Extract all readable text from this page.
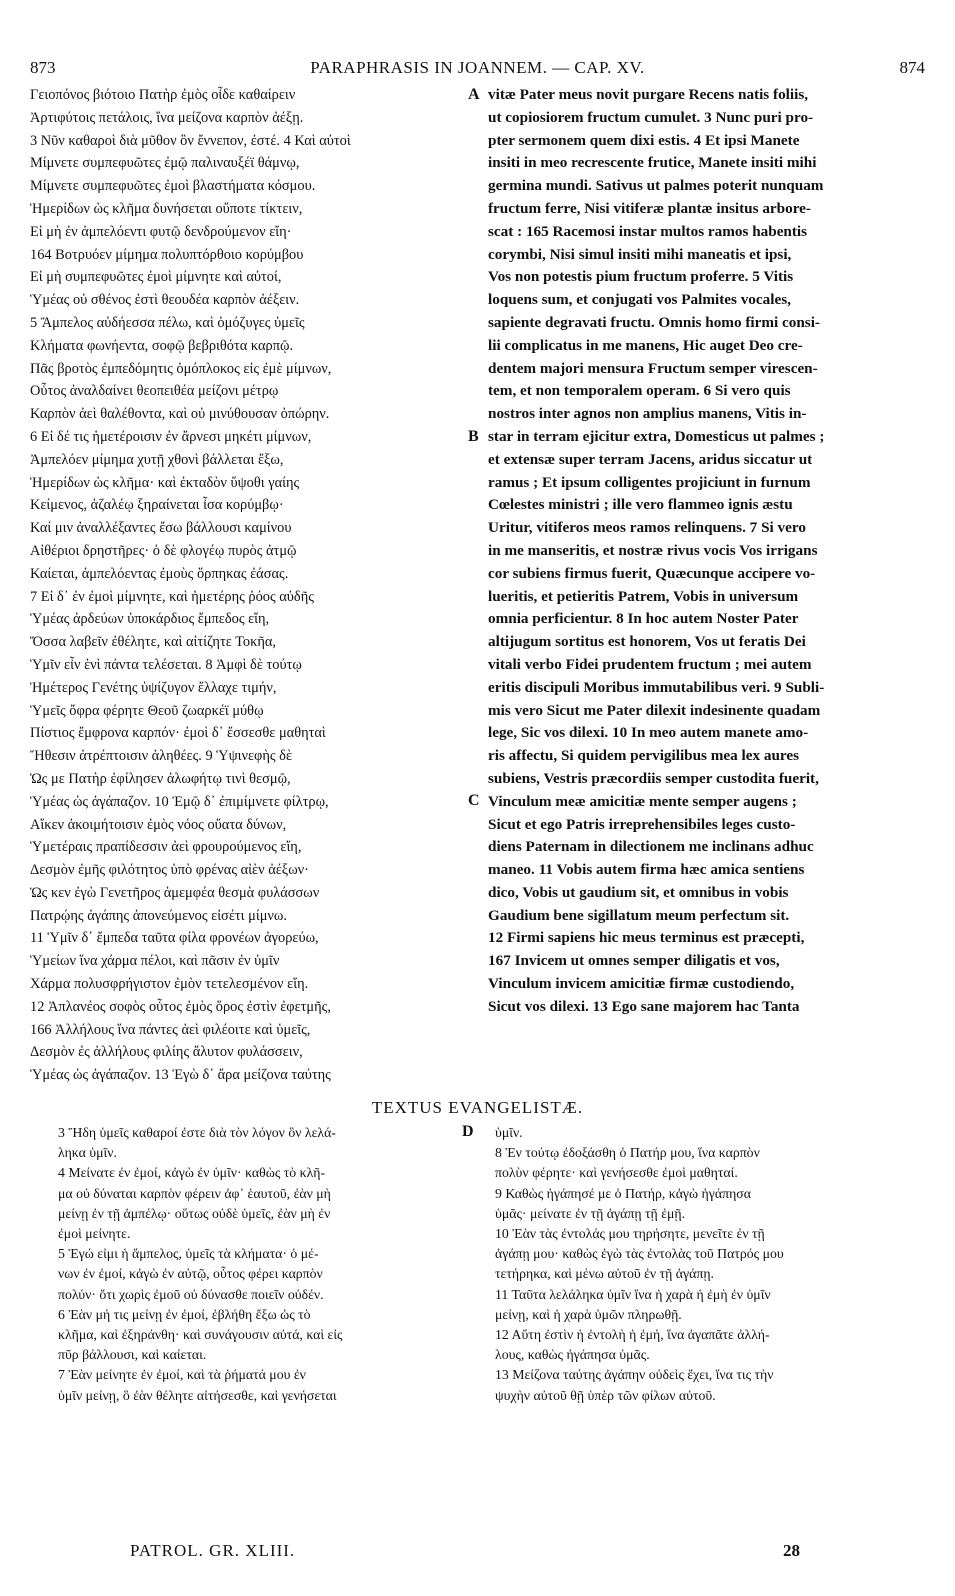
873	PARAPHRASIS IN JOANNEM. — CAP. XV.	874

Γειοπόνος βιότοιο Πατὴρ ἐμὸς οἶδε καθαίρειν

Ἀρτιφύτοις πετάλοις, ἵνα μείζονα καρπὸν ἀέξῃ.

3 Νῦν καθαροὶ διὰ μῦθον ὃν ἔννεπον, ἐστέ. 4 Καὶ αὐτοὶ

Μίμνετε συμπεφυῶτες ἐμῷ παλιναυξέϊ θάμνῳ,

Μίμνετε συμπεφυῶτες ἐμοὶ βλαστήματα κόσμου.

Ἡμερίδων ὡς κλῆμα δυνήσεται οὔποτε τίκτειν,

Εἰ μὴ ἐν ἀμπελόεντι φυτῷ δενδρούμενον εἴη·

164 Βοτρυόεν μίμημα πολυπτόρθοιο κορύμβου

Εἰ μὴ συμπεφυῶτες ἐμοὶ μίμνητε καὶ αὐτοί,

Ὑμέας οὐ σθένος ἐστὶ θεουδέα καρπὸν ἀέξειν.

5 Ἄμπελος αὐδήεσσα πέλω, καὶ ὁμόζυγες ὑμεῖς

Κλήματα φωνήεντα, σοφῷ βεβριθότα καρπῷ.

Πᾶς βροτὸς ἐμπεδόμητις ὁμόπλοκος εἰς ἐμὲ μίμνων,

Οὗτος ἀναλδαίνει θεοπειθέα μείζονι μέτρῳ

Καρπὸν ἀεὶ θαλέθοντα, καὶ οὐ μινύθουσαν ὀπώρην.

6 Εἰ δέ τις ἡμετέροισιν ἐν ἄρνεσι μηκέτι μίμνων,

Ἀμπελόεν μίμημα χυτῇ χθονὶ βάλλεται ἔξω,

Ἡμερίδων ὡς κλῆμα· καὶ ἐκταδὸν ὕψοθι γαίης

Κείμενος, ἀζαλέῳ ξηραίνεται ἶσα κορύμβῳ·

Καί μιν ἀναλλέξαντες ἔσω βάλλουσι καμίνου

Αἰθέριοι δρηστῆρες· ὁ δὲ φλογέῳ πυρὸς ἀτμῷ

Καίεται, ἀμπελόεντας ἐμοὺς ὅρπηκας ἐάσας.

7 Εἰ δ᾽ ἐν ἐμοὶ μίμνητε, καὶ ἡμετέρης ῥόος αὐδῆς

Ὑμέας ἀρδεύων ὑποκάρδιος ἔμπεδος εἴη,

Ὅσσα λαβεῖν ἐθέλητε, καὶ αἰτίζητε Τοκῆα,

Ὑμῖν εἶν ἑνὶ πάντα τελέσεται. 8 Ἀμφὶ δὲ τούτῳ

Ἡμέτερος Γενέτης ὑψίζυγον ἔλλαχε τιμήν,

Ὑμεῖς ὄφρα φέρητε Θεοῦ ζωαρκέϊ μύθῳ

Πίστιος ἔμφρονα καρπόν· ἐμοὶ δ᾽ ἔσσεσθε μαθηταὶ

Ἤθεσιν ἀτρέπτοισιν ἀληθέες. 9 Ὑψινεφὴς δὲ

Ὡς με Πατὴρ ἐφίλησεν ἀλωφήτῳ τινὶ θεσμῷ,

Ὑμέας ὡς ἀγάπαζον. 10 Ἐμῷ δ᾽ ἐπιμίμνετε φίλτρῳ,

Αἴκεν ἀκοιμήτοισιν ἐμὸς νόος οὔατα δύνων,

Ὑμετέραις πραπίδεσσιν ἀεὶ φρουρούμενος εἴη,

Δεσμὸν ἐμῆς φιλότητος ὑπὸ φρένας αἰὲν ἀέξων·

Ὡς κεν ἐγὼ Γενετῆρος ἀμεμφέα θεσμὰ φυλάσσων

Πατρῴης ἀγάπης ἀπονεύμενος εἰσέτι μίμνω.

11 Ὑμῖν δ᾽ ἔμπεδα ταῦτα φίλα φρονέων ἀγορεύω,

Ὑμείων ἵνα χάρμα πέλοι, καὶ πᾶσιν ἐν ὑμῖν

Χάρμα πολυσφρήγιστον ἐμὸν τετελεσμένον εἴη.

12 Ἀπλανέος σοφὸς οὗτος ἐμὸς ὅρος ἐστὶν ἐφετμῆς,

166 Ἀλλήλους ἵνα πάντες ἀεὶ φιλέοιτε καὶ ὑμεῖς,

Δεσμὸν ἐς ἀλλήλους φιλίης ἄλυτον φυλάσσειν,

Ὑμέας ὡς ἀγάπαζον. 13 Ἐγὼ δ᾽ ἄρα μείζονα ταύτης

vitæ Pater meus novit purgare Recens natis foliis,

ut copiosiorem fructum cumulet. 3 Nunc puri pro-

pter sermonem quem dixi estis. 4 Et ipsi Manete

insiti in meo recrescente frutice, Manete insiti mihi

germina mundi. Sativus ut palmes poterit nunquam

fructum ferre, Nisi vitiferæ plantæ insitus arbore-

scat : 165 Racemosi instar multos ramos habentis

corymbi, Nisi simul insiti mihi maneatis et ipsi,

Vos non potestis pium fructum proferre. 5 Vitis

loquens sum, et conjugati vos Palmites vocales,

sapiente degravati fructu. Omnis homo firmi consi-

lii complicatus in me manens, Hic auget Deo cre-

dentem majori mensura Fructum semper virescen-

tem, et non temporalem operam. 6 Si vero quis

nostros inter agnos non amplius manens, Vitis in-

star in terram ejicitur extra, Domesticus ut palmes ;

et extensæ super terram Jacens, aridus siccatur ut

ramus ; Et ipsum colligentes projiciunt in furnum

Cœlestes ministri ; ille vero flammeo ignis æstu

Uritur, vitiferos meos ramos relinquens. 7 Si vero

in me manseritis, et nostræ rivus vocis Vos irrigans

cor subiens firmus fuerit, Quæcunque accipere vo-

lueritis, et petieritis Patrem, Vobis in universum

omnia perficientur. 8 In hoc autem Noster Pater

altijugum sortitus est honorem, Vos ut feratis Dei

vitali verbo Fidei prudentem fructum ; mei autem

eritis discipuli Moribus immutabilibus veri. 9 Subli-

mis vero Sicut me Pater dilexit indesinente quadam

lege, Sic vos dilexi. 10 In meo autem manete amo-

ris affectu, Si quidem pervigilibus mea lex aures

subiens, Vestris præcordiis semper custodita fuerit,

Vinculum meæ amicitiæ mente semper augens ;

Sicut et ego Patris irreprehensibiles leges custo-

diens Paternam in dilectionem me inclinans adhuc

maneo. 11 Vobis autem firma hæc amica sentiens

dico, Vobis ut gaudium sit, et omnibus in vobis

Gaudium bene sigillatum meum perfectum sit.

12 Firmi sapiens hic meus terminus est præcepti,

167 Invicem ut omnes semper diligatis et vos,

Vinculum invicem amicitiæ firmæ custodiendo,

Sicut vos dilexi. 13 Ego sane majorem hac Tanta

A
B
C
D
TEXTUS EVANGELISTÆ.

3 Ἤδη ὑμεῖς καθαροί ἐστε διὰ τὸν λόγον ὃν λελά-

ληκα ὑμῖν.

4 Μείνατε ἐν ἐμοί, κἀγὼ ἐν ὑμῖν· καθὼς τὸ κλῆ-

μα οὐ δύναται καρπὸν φέρειν ἀφ᾽ ἑαυτοῦ, ἐὰν μὴ

μείνῃ ἐν τῇ ἀμπέλῳ· οὕτως οὐδὲ ὑμεῖς, ἐὰν μὴ ἐν

ἐμοὶ μείνητε.

5 Ἐγώ εἰμι ἡ ἄμπελος, ὑμεῖς τὰ κλήματα· ὁ μέ-

νων ἐν ἐμοί, κἀγὼ ἐν αὐτῷ, οὗτος φέρει καρπὸν

πολύν· ὅτι χωρὶς ἐμοῦ οὐ δύνασθε ποιεῖν οὐδέν.

6 Ἐὰν μή τις μείνῃ ἐν ἐμοί, ἐβλήθη ἔξω ὡς τὸ

κλῆμα, καὶ ἐξηράνθη· καὶ συνάγουσιν αὐτά, καὶ εἰς

πῦρ βάλλουσι, καὶ καίεται.

7 Ἐὰν μείνητε ἐν ἐμοί, καὶ τὰ ῥήματά μου ἐν

ὑμῖν μείνῃ, ὃ ἐὰν θέλητε αἰτήσεσθε, καὶ γενήσεται

ὑμῖν.

8 Ἐν τούτῳ ἐδοξάσθη ὁ Πατήρ μου, ἵνα καρπὸν

πολὺν φέρητε· καὶ γενήσεσθε ἐμοὶ μαθηταί.

9 Καθὼς ἠγάπησέ με ὁ Πατήρ, κἀγὼ ἠγάπησα

ὑμᾶς· μείνατε ἐν τῇ ἀγάπῃ τῇ ἐμῇ.

10 Ἐὰν τὰς ἐντολάς μου τηρήσητε, μενεῖτε ἐν τῇ

ἀγάπῃ μου· καθὼς ἐγὼ τὰς ἐντολὰς τοῦ Πατρός μου

τετήρηκα, καὶ μένω αὐτοῦ ἐν τῇ ἀγάπῃ.

11 Ταῦτα λελάληκα ὑμῖν ἵνα ἡ χαρὰ ἡ ἐμὴ ἐν ὑμῖν

μείνῃ, καὶ ἡ χαρὰ ὑμῶν πληρωθῇ.

12 Αὕτη ἐστὶν ἡ ἐντολὴ ἡ ἐμή, ἵνα ἀγαπᾶτε ἀλλή-

λους, καθὼς ἠγάπησα ὑμᾶς.

13 Μείζονα ταύτης ἀγάπην οὐδεὶς ἔχει, ἵνα τις τὴν

ψυχὴν αὐτοῦ θῇ ὑπὲρ τῶν φίλων αὐτοῦ.

PATROL. GR. XLIII.	28
